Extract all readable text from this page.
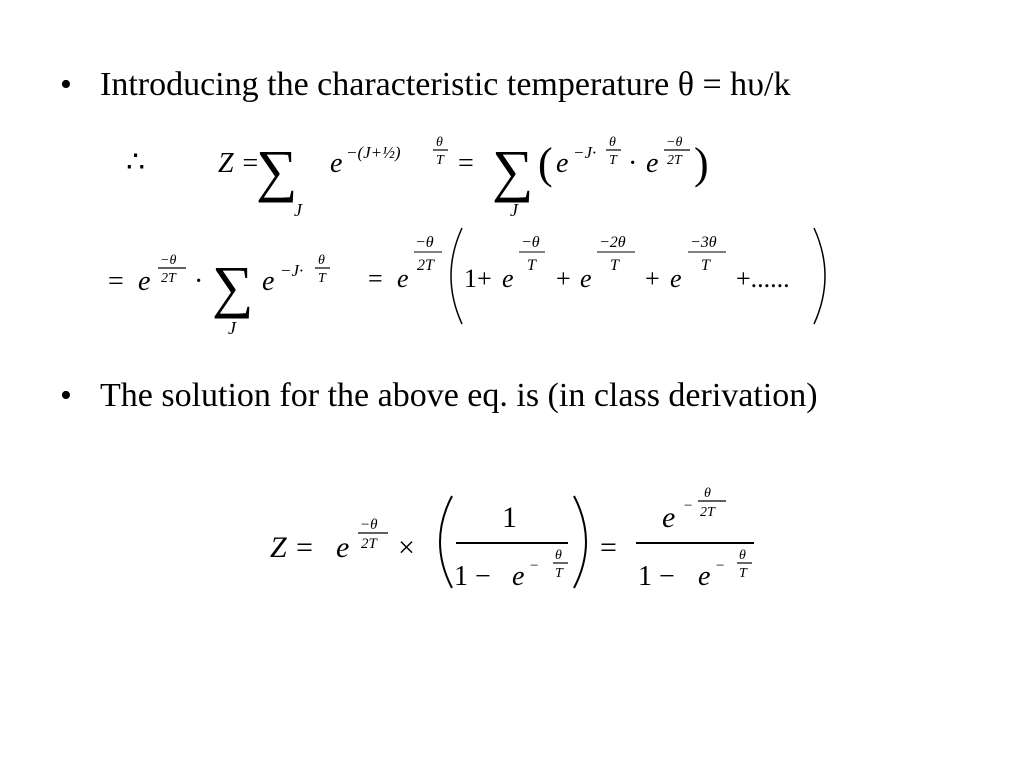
• Introducing the characteristic temperature θ = hυ/k
∴	Z =
∑
J
e −(J+½)
θ
T = ∑
J
( e −J·
θ
T · e
−θ
2T )
= e
−θ
2T · ∑
J
e −J·
θ
T = e
−θ
2T 1+ e
−θ
T + e
−2θ
T + e
−3θ
T +......
Z = e
−θ
2T ×
1
1 − e −
θ
T
=
e −
θ
2T
1 − e −
θ
T
• The solution for the above eq. is (in class derivation)
